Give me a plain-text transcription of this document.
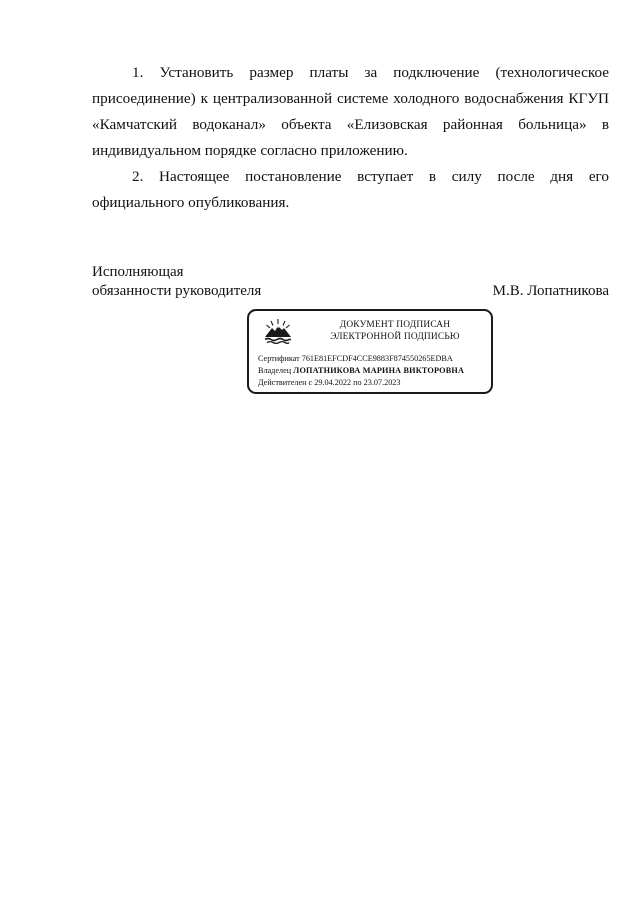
1. Установить размер платы за подключение (технологическое присоединение) к централизованной системе холодного водоснабжения КГУП «Камчатский водоканал» объекта «Елизовская районная больница» в индивидуальном порядке согласно приложению.

2. Настоящее постановление вступает в силу после дня его официального опубликования.

Исполняющая
обязанности руководителя	М.В. Лопатникова
ДОКУМЕНТ ПОДПИСАН
ЭЛЕКТРОННОЙ ПОДПИСЬЮ
Сертификат 761E81EFCDF4CCE9883F874550265EDBA
Владелец ЛОПАТНИКОВА МАРИНА ВИКТОРОВНА
Действителен с 29.04.2022 по 23.07.2023
